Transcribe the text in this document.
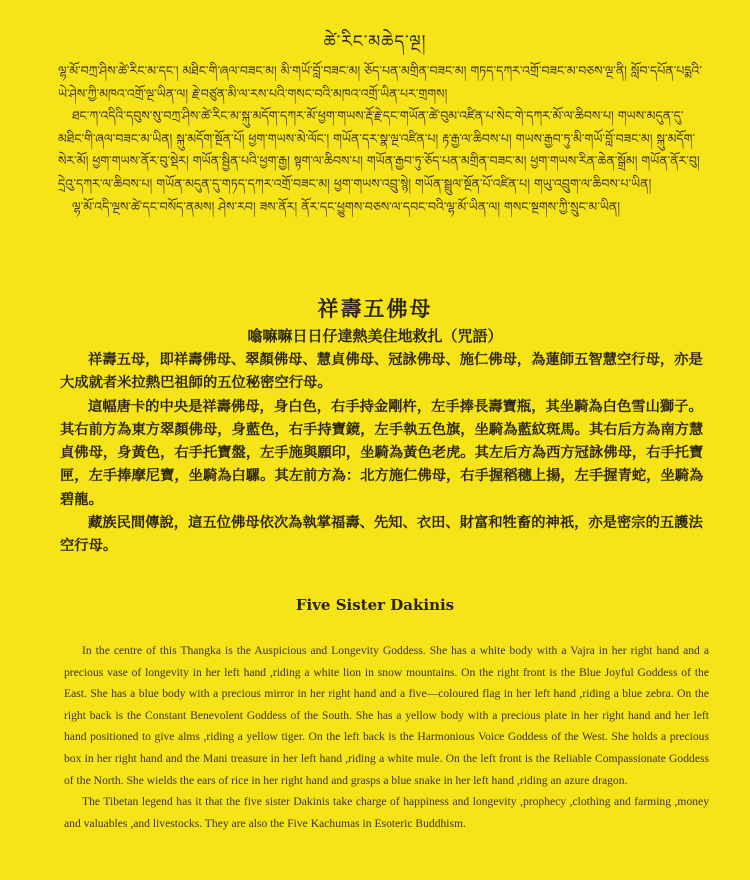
ཚེ་རིང་མཆེད་ལྔ།

ལྷ་མོ་བཀྲ་ཤིས་ཚེ་རིང་མ་དང་། མཐིང་གི་ཞལ་བཟང་མ། མི་གཡོ་བློ་བཟང་མ། ཅོད་པན་མགྲིན་བཟང་མ། གཏད་དཀར་འགྲོ་བཟང་མ་བཅས་ལྔ་ནི། སློབ་དཔོན་པདྨའི་ཡེ་ཤེས་ཀྱི་མཁའ་འགྲོ་ལྔ་ཡིན་ལ། རྗེ་བཙུན་མི་ལ་རས་པའི་གསང་བའི་མཁའ་འགྲོ་ཡིན་པར་གྲགས།

ཐང་ཀ་འདིའི་དབུས་སུ་བཀྲ་ཤིས་ཚེ་རིང་མ་སྐུ་མདོག་དཀར་མོ་ཕྱག་གཡས་རྡོ་རྗེ་དང་གཡོན་ཚེ་བུམ་འཛིན་པ་སེང་གེ་དཀར་མོ་ལ་ཆིབས་པ། གཡས་མདུན་དུ་མཐིང་གི་ཞལ་བཟང་མ་ཡིན། སྐུ་མདོག་སྔོན་པོ། ཕྱག་གཡས་མེ་ལོང་། གཡོན་དར་སྣ་ལྔ་འཛིན་པ། རྟ་རྒྱ་ལ་ཆིབས་པ། གཡས་རྒྱབ་ཏུ་མི་གཡོ་བློ་བཟང་མ། སྐུ་མདོག་སེར་མོ། ཕྱག་གཡས་ནོར་བུ་སྡེར། གཡོན་སྦྱིན་པའི་ཕྱག་རྒྱ། སྟག་ལ་ཆིབས་པ། གཡོན་རྒྱབ་ཏུ་ཅོད་པན་མགྲིན་བཟང་མ། ཕྱག་གཡས་རིན་ཆེན་སྒྲོམ། གཡོན་ནོར་བུ། དྲེའུ་དཀར་ལ་ཆིབས་པ། གཡོན་མདུན་དུ་གཏད་དཀར་འགྲོ་བཟང་མ། ཕྱག་གཡས་འབྲུ་སྙེ། གཡོན་སྦྲུལ་སྔོན་པོ་འཛིན་པ། གཡུ་འབྲུག་ལ་ཆིབས་པ་ཡིན།

ལྷ་མོ་འདི་ལྔས་ཚེ་དང་བསོད་ནམས། ཤེས་རབ། ཟས་ནོར། ནོར་དང་ཕྱུགས་བཅས་ལ་དབང་བའི་ལྷ་མོ་ཡིན་ལ། གསང་སྔགས་ཀྱི་སྲུང་མ་ཡིན།

祥壽五佛母
噏嘛嘛日日仔達熱美住地救扎（咒語）

祥壽五母，即祥壽佛母、翠顏佛母、慧貞佛母、冠詠佛母、施仁佛母，為蓮師五智慧空行母，亦是大成就者米拉熱巴祖師的五位秘密空行母。

這幅唐卡的中央是祥壽佛母，身白色，右手持金剛杵，左手捧長壽寶瓶，其坐騎為白色雪山獅子。其右前方為東方翠顏佛母，身藍色，右手持寶鏡，左手執五色旗，坐騎為藍紋斑馬。其右后方為南方慧貞佛母，身黃色，右手托寶盤，左手施與願印，坐騎為黃色老虎。其左后方為西方冠詠佛母，右手托寶匣，左手捧摩尼寶，坐騎為白騾。其左前方為：北方施仁佛母，右手握稻穗上揚，左手握青蛇，坐騎為碧龍。

藏族民間傳說，這五位佛母依次為執掌福壽、先知、衣田、財富和牲畜的神祇，亦是密宗的五護法空行母。

Five Sister Dakinis

In the centre of this Thangka is the Auspicious and Longevity Goddess. She has a white body with a Vajra in her right hand and a precious vase of longevity in her left hand ,riding a white lion in snow mountains. On the right front is the Blue Joyful Goddess of the East. She has a blue body with a precious mirror in her right hand and a five—coloured flag in her left hand ,riding a blue zebra. On the right back is the Constant Benevolent Goddess of the South. She has a yellow body with a precious plate in her right hand and her left hand positioned to give alms ,riding a yellow tiger. On the left back is the Harmonious Voice Goddess of the West. She holds a precious box in her right hand and the Mani treasure in her left hand ,riding a white mule. On the left front is the Reliable Compassionate Goddess of the North. She wields the ears of rice in her right hand and grasps a blue snake in her left hand ,riding an azure dragon.

The Tibetan legend has it that the five sister Dakinis take charge of happiness and longevity ,prophecy ,clothing and farming ,money and valuables ,and livestocks. They are also the Five Kachumas in Esoteric Buddhism.
